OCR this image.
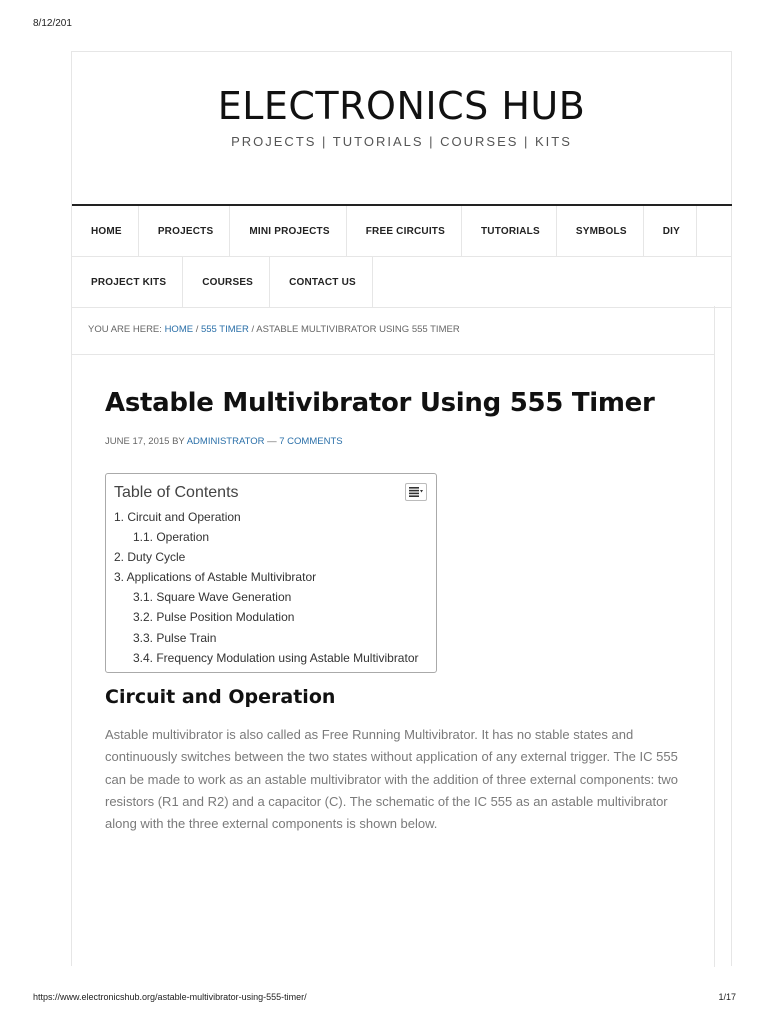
8/12/201
ELECTRONICS HUB
PROJECTS | TUTORIALS | COURSES | KITS
HOME	PROJECTS	MINI PROJECTS	FREE CIRCUITS	TUTORIALS	SYMBOLS	DIY
PROJECT KITS	COURSES	CONTACT US
YOU ARE HERE: HOME / 555 TIMER / ASTABLE MULTIVIBRATOR USING 555 TIMER
Astable Multivibrator Using 555 Timer
JUNE 17, 2015 BY ADMINISTRATOR — 7 COMMENTS
Table of Contents
1. Circuit and Operation
1.1. Operation
2. Duty Cycle
3. Applications of Astable Multivibrator
3.1. Square Wave Generation
3.2. Pulse Position Modulation
3.3. Pulse Train
3.4. Frequency Modulation using Astable Multivibrator
Circuit and Operation

Astable multivibrator is also called as Free Running Multivibrator. It has no stable states and continuously switches between the two states without application of any external trigger. The IC 555 can be made to work as an astable multivibrator with the addition of three external components: two resistors (R1 and R2) and a capacitor (C). The schematic of the IC 555 as an astable multivibrator along with the three external components is shown below.

https://www.electronicshub.org/astable-multivibrator-using-555-timer/	1/17
